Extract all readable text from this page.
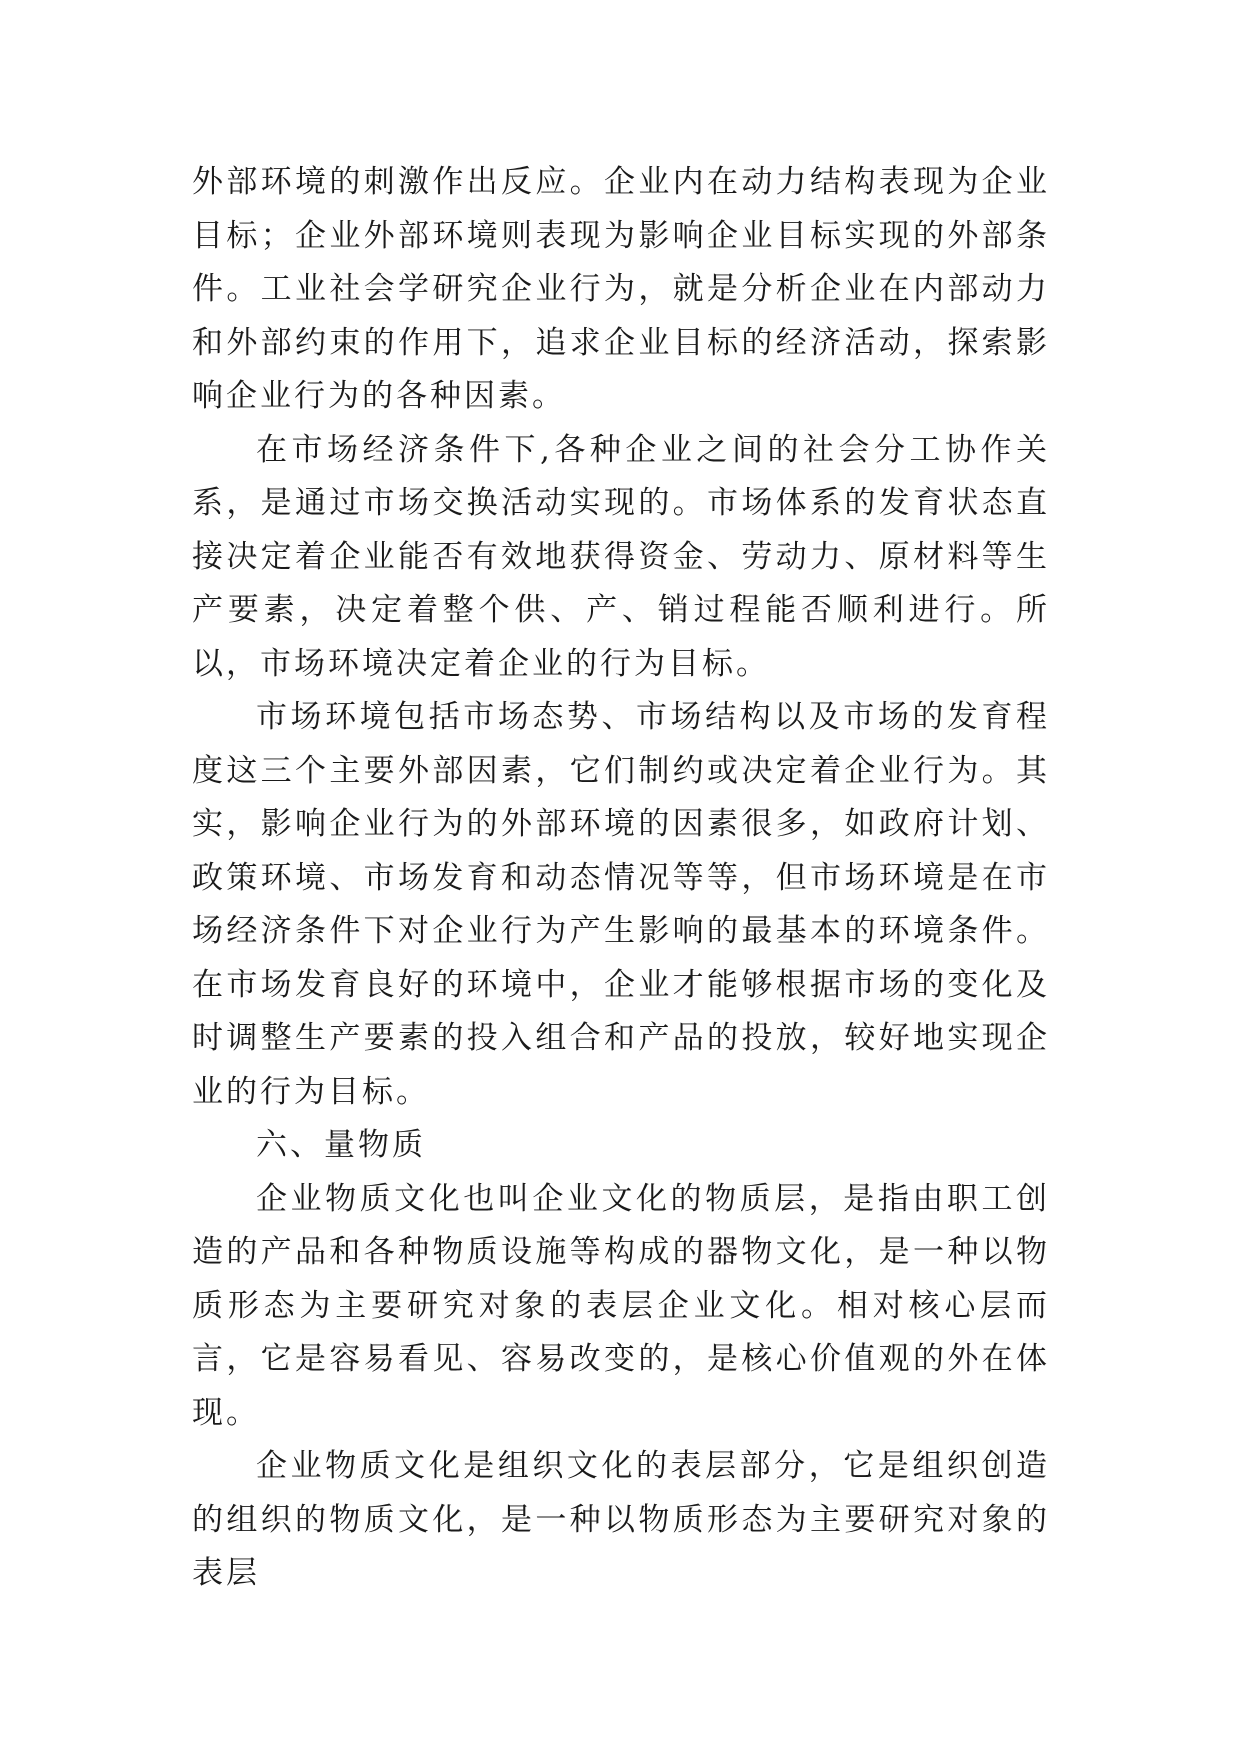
外部环境的刺激作出反应。企业内在动力结构表现为企业目标；企业外部环境则表现为影响企业目标实现的外部条件。工业社会学研究企业行为，就是分析企业在内部动力和外部约束的作用下，追求企业目标的经济活动，探索影响企业行为的各种因素。

在市场经济条件下,各种企业之间的社会分工协作关系，是通过市场交换活动实现的。市场体系的发育状态直接决定着企业能否有效地获得资金、劳动力、原材料等生产要素，决定着整个供、产、销过程能否顺利进行。所以，市场环境决定着企业的行为目标。

市场环境包括市场态势、市场结构以及市场的发育程度这三个主要外部因素，它们制约或决定着企业行为。其实，影响企业行为的外部环境的因素很多，如政府计划、政策环境、市场发育和动态情况等等，但市场环境是在市场经济条件下对企业行为产生影响的最基本的环境条件。在市场发育良好的环境中，企业才能够根据市场的变化及时调整生产要素的投入组合和产品的投放，较好地实现企业的行为目标。

六、量物质

企业物质文化也叫企业文化的物质层，是指由职工创造的产品和各种物质设施等构成的器物文化，是一种以物质形态为主要研究对象的表层企业文化。相对核心层而言，它是容易看见、容易改变的，是核心价值观的外在体现。

企业物质文化是组织文化的表层部分，它是组织创造的组织的物质文化，是一种以物质形态为主要研究对象的表层
